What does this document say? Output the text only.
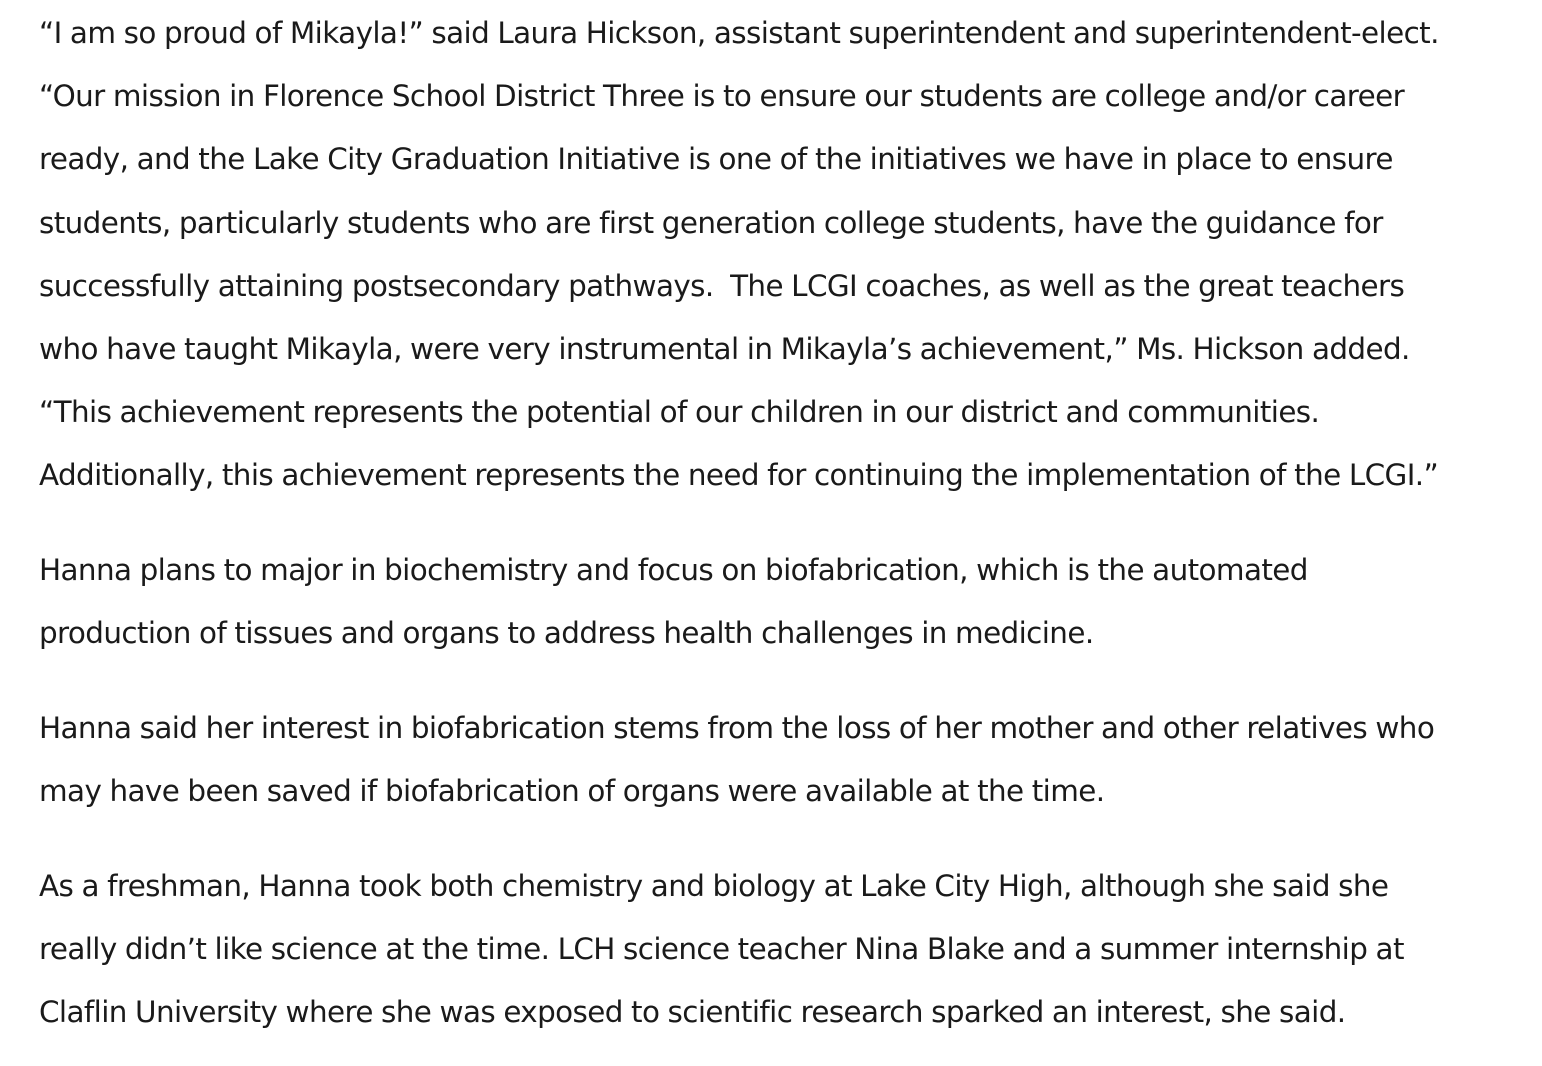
“I am so proud of Mikayla!” said Laura Hickson, assistant superintendent and superintendent-elect.
“Our mission in Florence School District Three is to ensure our students are college and/or career
ready, and the Lake City Graduation Initiative is one of the initiatives we have in place to ensure
students, particularly students who are first generation college students, have the guidance for
successfully attaining postsecondary pathways.  The LCGI coaches, as well as the great teachers
who have taught Mikayla, were very instrumental in Mikayla’s achievement,” Ms. Hickson added.
“This achievement represents the potential of our children in our district and communities.
Additionally, this achievement represents the need for continuing the implementation of the LCGI.”

Hanna plans to major in biochemistry and focus on biofabrication, which is the automated
production of tissues and organs to address health challenges in medicine.

Hanna said her interest in biofabrication stems from the loss of her mother and other relatives who
may have been saved if biofabrication of organs were available at the time.

As a freshman, Hanna took both chemistry and biology at Lake City High, although she said she
really didn’t like science at the time. LCH science teacher Nina Blake and a summer internship at
Claflin University where she was exposed to scientific research sparked an interest, she said.
